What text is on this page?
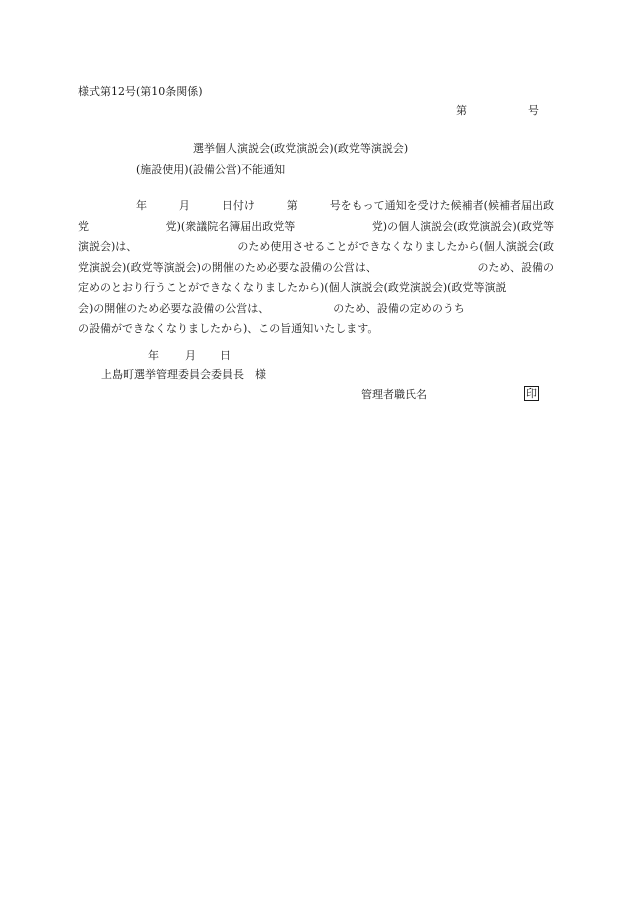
様式第12号(第10条関係)
第	号
選挙個人演説会(政党演説会)(政党等演説会)
(施設使用)(設備公営)不能通知
年	月	日付け	第	号をもって通知を受けた候補者(候補者届出政
党	党)(衆議院名簿届出政党等	党)の個人演説会(政党演説会)(政党等
演説会)は、	のため使用させることができなくなりましたから(個人演説会(政
党演説会)(政党等演説会)の開催のため必要な設備の公営は、	のため、設備の
定めのとおり行うことができなくなりましたから)(個人演説会(政党演説会)(政党等演説
会)の開催のため必要な設備の公営は、	のため、設備の定めのうち
の設備ができなくなりましたから)、この旨通知いたします。
年 月 日
上島町選挙管理委員会委員長　様
管理者職氏名	印
